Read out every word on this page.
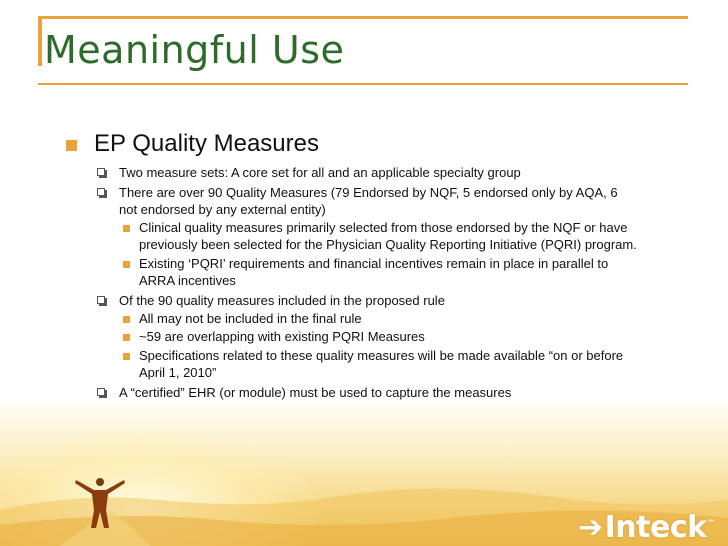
Meaningful Use
EP Quality Measures
Two measure sets: A core set for all and an applicable specialty group
There are over 90 Quality Measures (79 Endorsed by NQF, 5 endorsed only by AQA, 6
not endorsed by any external entity)
Clinical quality measures primarily selected from those endorsed by the NQF or have
previously been selected for the Physician Quality Reporting Initiative (PQRI) program.
Existing ‘PQRI’ requirements and financial incentives remain in place in parallel to
ARRA incentives
Of the 90 quality measures included in the proposed rule
All may not be included in the final rule
~59 are overlapping with existing PQRI Measures
Specifications related to these quality measures will be made available “on or before
April 1, 2010”
A “certified” EHR (or module) must be used to capture the measures
➔Inteck™
